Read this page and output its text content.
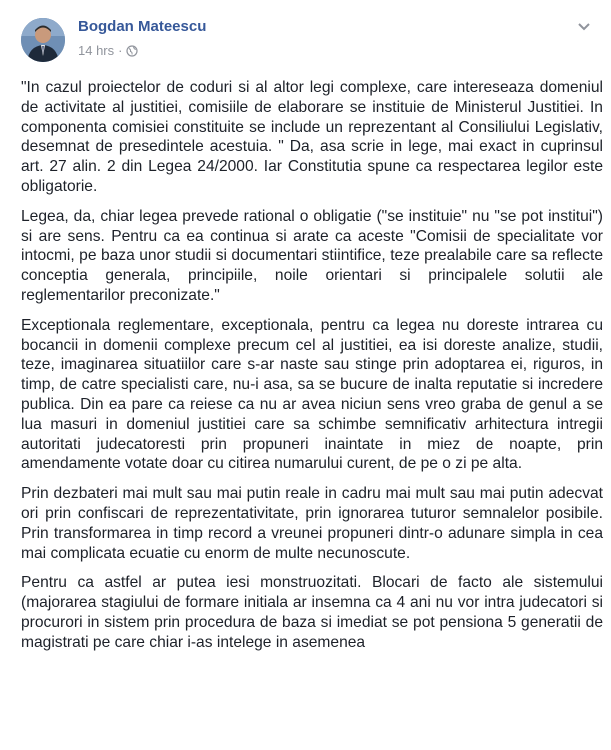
Bogdan Mateescu
14 hrs ·

"In cazul proiectelor de coduri si al altor legi complexe, care intereseaza domeniul de activitate al justitiei, comisiile de elaborare se instituie de Ministerul Justitiei. In componenta comisiei constituite se include un reprezentant al Consiliului Legislativ, desemnat de presedintele acestuia. " Da, asa scrie in lege, mai exact in cuprinsul art. 27 alin. 2 din Legea 24/2000. Iar Constitutia spune ca respectarea legilor este obligatorie.

Legea, da, chiar legea prevede rational o obligatie ("se instituie" nu "se pot institui") si are sens. Pentru ca ea continua si arate ca aceste "Comisii de specialitate vor intocmi, pe baza unor studii si documentari stiintifice, teze prealabile care sa reflecte conceptia generala, principiile, noile orientari si principalele solutii ale reglementarilor preconizate."

Exceptionala reglementare, exceptionala, pentru ca legea nu doreste intrarea cu bocancii in domenii complexe precum cel al justitiei, ea isi doreste analize, studii, teze, imaginarea situatiilor care s-ar naste sau stinge prin adoptarea ei, riguros, in timp, de catre specialisti care, nu-i asa, sa se bucure de inalta reputatie si incredere publica. Din ea pare ca reiese ca nu ar avea niciun sens vreo graba de genul a se lua masuri in domeniul justitiei care sa schimbe semnificativ arhitectura intregii autoritati judecatoresti prin propuneri inaintate in miez de noapte, prin amendamente votate doar cu citirea numarului curent, de pe o zi pe alta.

Prin dezbateri mai mult sau mai putin reale in cadru mai mult sau mai putin adecvat ori prin confiscari de reprezentativitate, prin ignorarea tuturor semnalelor posibile. Prin transformarea in timp record a vreunei propuneri dintr-o adunare simpla in cea mai complicata ecuatie cu enorm de multe necunoscute.

Pentru ca astfel ar putea iesi monstruozitati. Blocari de facto ale sistemului (majorarea stagiului de formare initiala ar insemna ca 4 ani nu vor intra judecatori si procurori in sistem prin procedura de baza si imediat se pot pensiona 5 generatii de magistrati pe care chiar i-as intelege in asemenea
